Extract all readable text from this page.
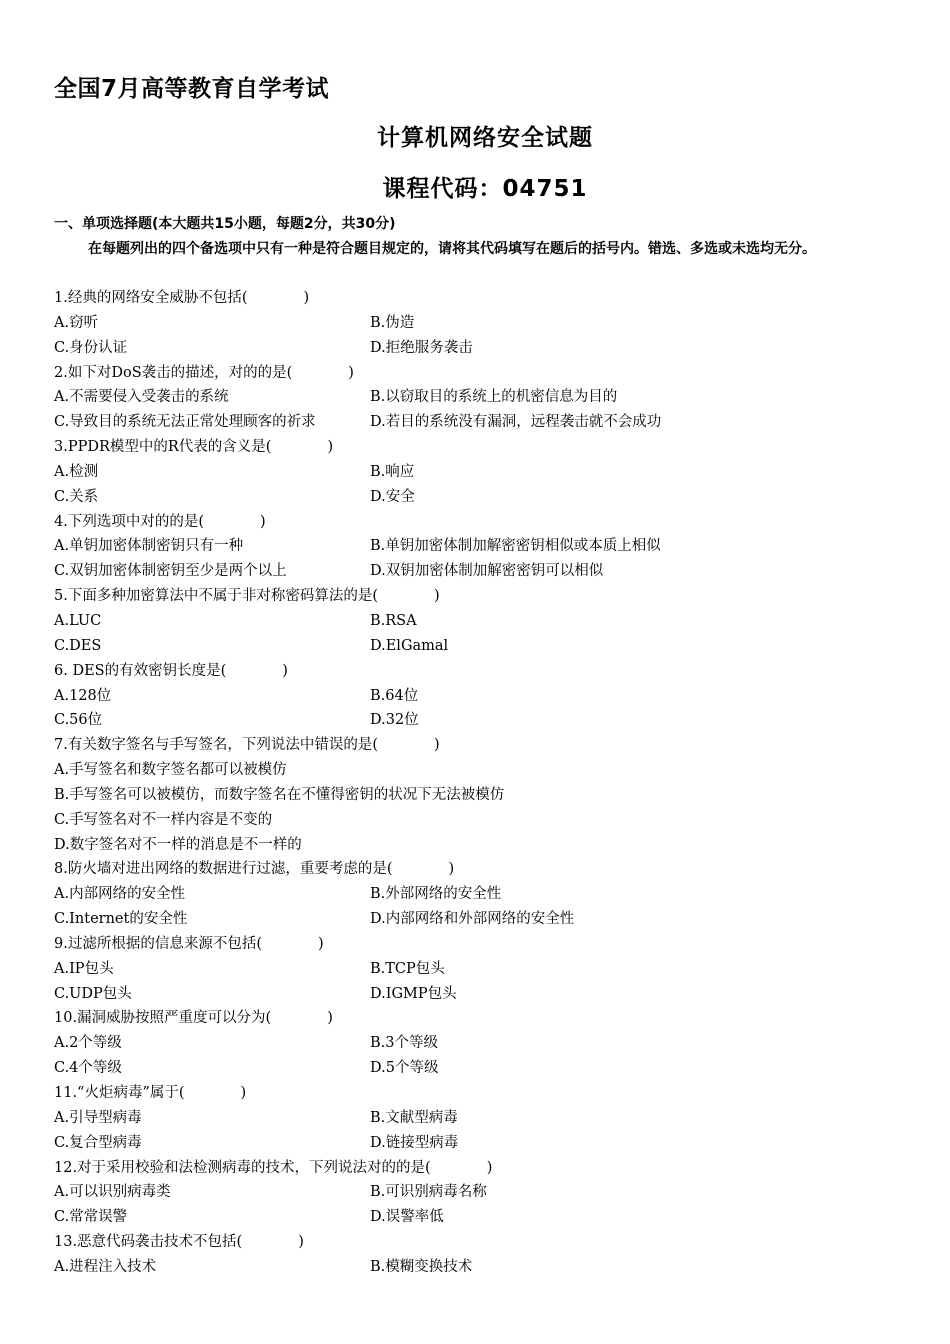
全国7月高等教育自学考试
计算机网络安全试题
课程代码：04751
一、单项选择题(本大题共15小题，每题2分，共30分)
在每题列出的四个备选项中只有一种是符合题目规定的，请将其代码填写在题后的括号内。错选、多选或未选均无分。
1.经典的网络安全威胁不包括(	)
A.窃听	B.伪造
C.身份认证	D.拒绝服务袭击
2.如下对DoS袭击的描述，对的的是(	)
A.不需要侵入受袭击的系统	B.以窃取目的系统上的机密信息为目的
C.导致目的系统无法正常处理顾客的祈求	D.若目的系统没有漏洞，远程袭击就不会成功
3.PPDR模型中的R代表的含义是(	)
A.检测	B.响应
C.关系	D.安全
4.下列选项中对的的是(	)
A.单钥加密体制密钥只有一种	B.单钥加密体制加解密密钥相似或本质上相似
C.双钥加密体制密钥至少是两个以上	D.双钥加密体制加解密密钥可以相似
5.下面多种加密算法中不属于非对称密码算法的是(	)
A.LUC	B.RSA
C.DES	D.ElGamal
6. DES的有效密钥长度是(	)
A.128位	B.64位
C.56位	D.32位
7.有关数字签名与手写签名，下列说法中错误的是(	)
A.手写签名和数字签名都可以被模仿
B.手写签名可以被模仿，而数字签名在不懂得密钥的状况下无法被模仿
C.手写签名对不一样内容是不变的
D.数字签名对不一样的消息是不一样的
8.防火墙对进出网络的数据进行过滤，重要考虑的是(	)
A.内部网络的安全性	B.外部网络的安全性
C.Internet的安全性	D.内部网络和外部网络的安全性
9.过滤所根据的信息来源不包括(	)
A.IP包头	B.TCP包头
C.UDP包头	D.IGMP包头
10.漏洞威胁按照严重度可以分为(	)
A.2个等级	B.3个等级
C.4个等级	D.5个等级
11.“火炬病毒”属于(	)
A.引导型病毒	B.文献型病毒
C.复合型病毒	D.链接型病毒
12.对于采用校验和法检测病毒的技术，下列说法对的的是(	)
A.可以识别病毒类	B.可识别病毒名称
C.常常误警	D.误警率低
13.恶意代码袭击技术不包括(	)
A.进程注入技术	B.模糊变换技术
